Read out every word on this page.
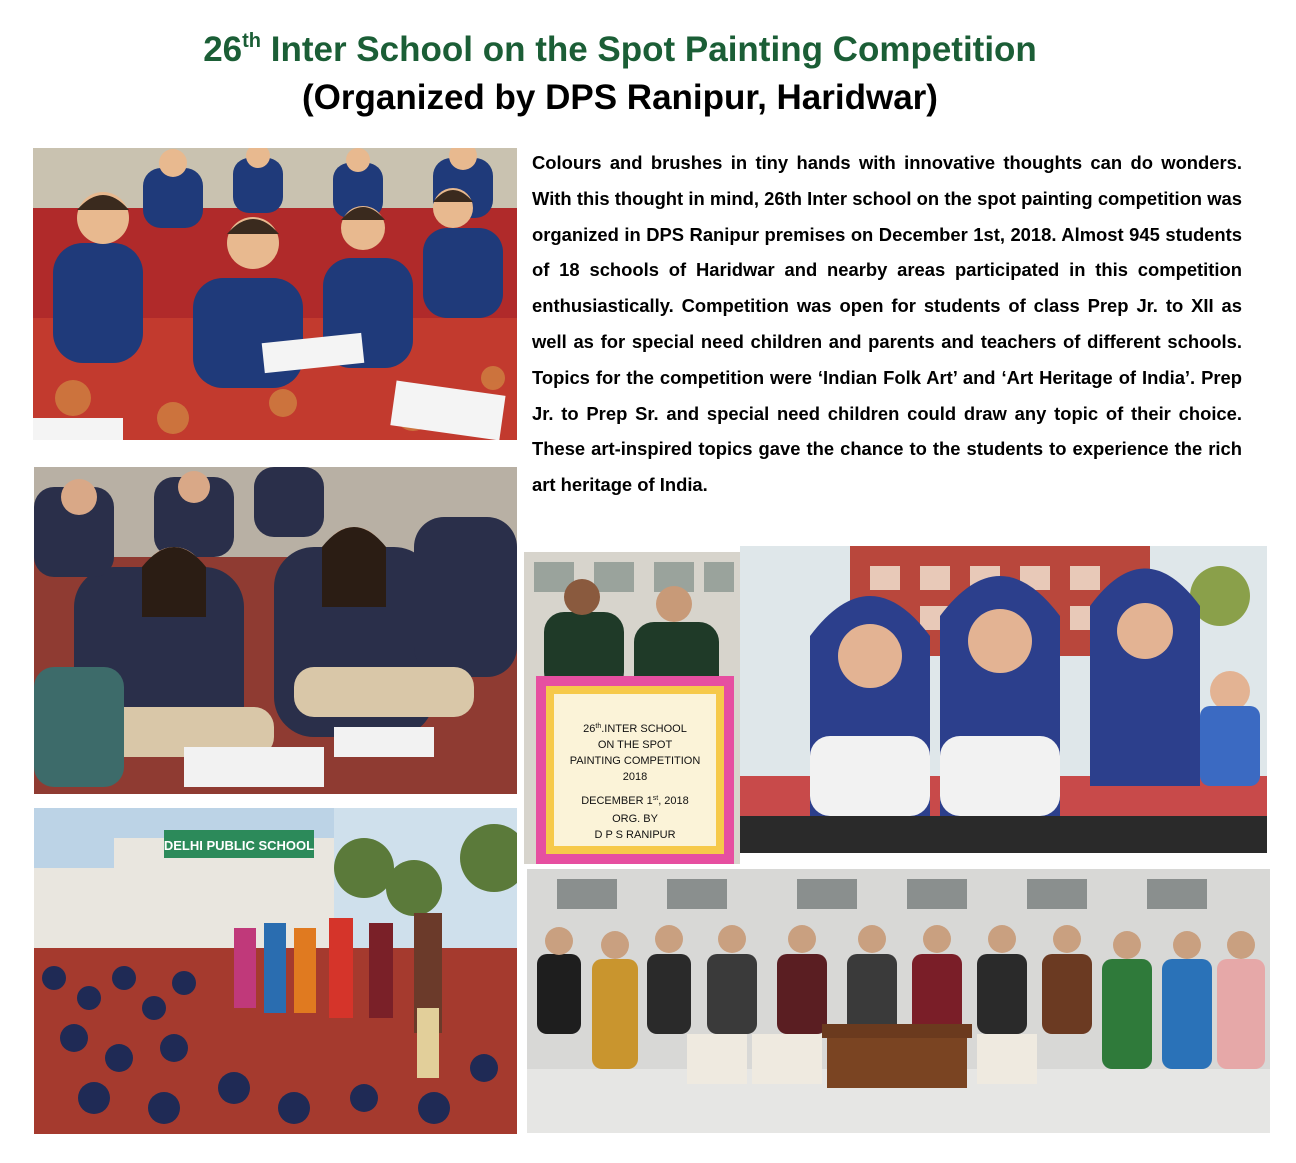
26th Inter School on the Spot Painting Competition
(Organized by DPS Ranipur, Haridwar)
Colours and brushes in tiny hands with innovative thoughts can do wonders. With this thought in mind, 26th Inter school on the spot painting competition was organized in DPS Ranipur premises on December 1st, 2018. Almost 945 students of 18 schools of Haridwar and nearby areas participated in this competition enthusiastically. Competition was open for students of class Prep Jr. to XII as well as for special need children and parents and teachers of different schools. Topics for the competition were ‘Indian Folk Art’ and ‘Art Heritage of India’. Prep Jr. to Prep Sr. and special need children could draw any topic of their choice. These art-inspired topics gave the chance to the students to experience the rich art heritage of India.
DELHI PUBLIC SCHOOL
26th.INTER SCHOOL
ON THE SPOT
PAINTING COMPETITION
2018
DECEMBER 1st, 2018
ORG. BY
D P S RANIPUR
